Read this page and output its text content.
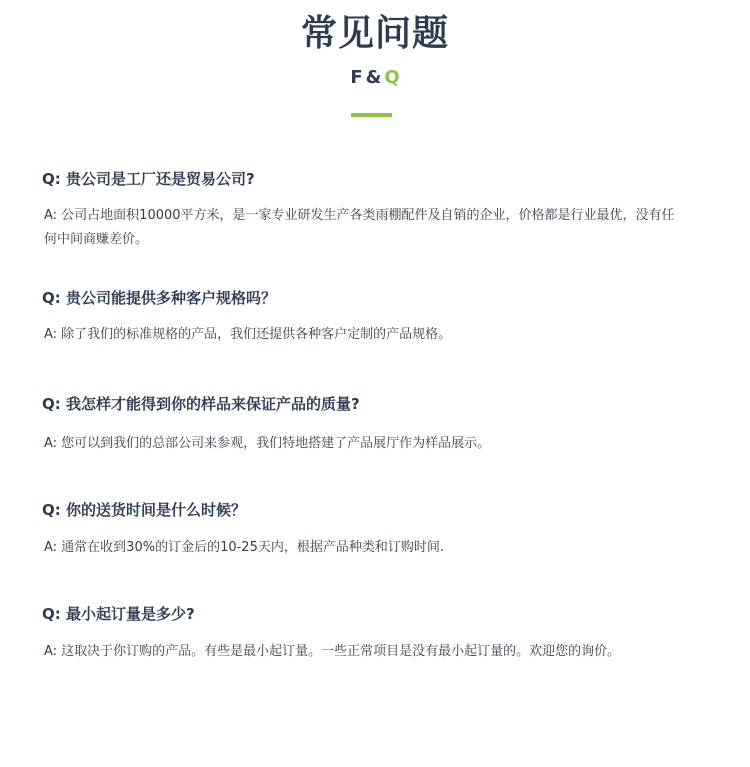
常见问题
F & Q
Q: 贵公司是工厂还是贸易公司?
A: 公司占地面积10000平方米，是一家专业研发生产各类雨棚配件及自销的企业，价格都是行业最优，没有任何中间商赚差价。
Q: 贵公司能提供多种客户规格吗？
A: 除了我们的标准规格的产品，我们还提供各种客户定制的产品规格。
Q: 我怎样才能得到你的样品来保证产品的质量?
A: 您可以到我们的总部公司来参观，我们特地搭建了产品展厅作为样品展示。
Q: 你的送货时间是什么时候？
A: 通常在收到30%的订金后的10-25天内，根据产品种类和订购时间.
Q: 最小起订量是多少?
A: 这取决于你订购的产品。有些是最小起订量。一些正常项目是没有最小起订量的。欢迎您的询价。
